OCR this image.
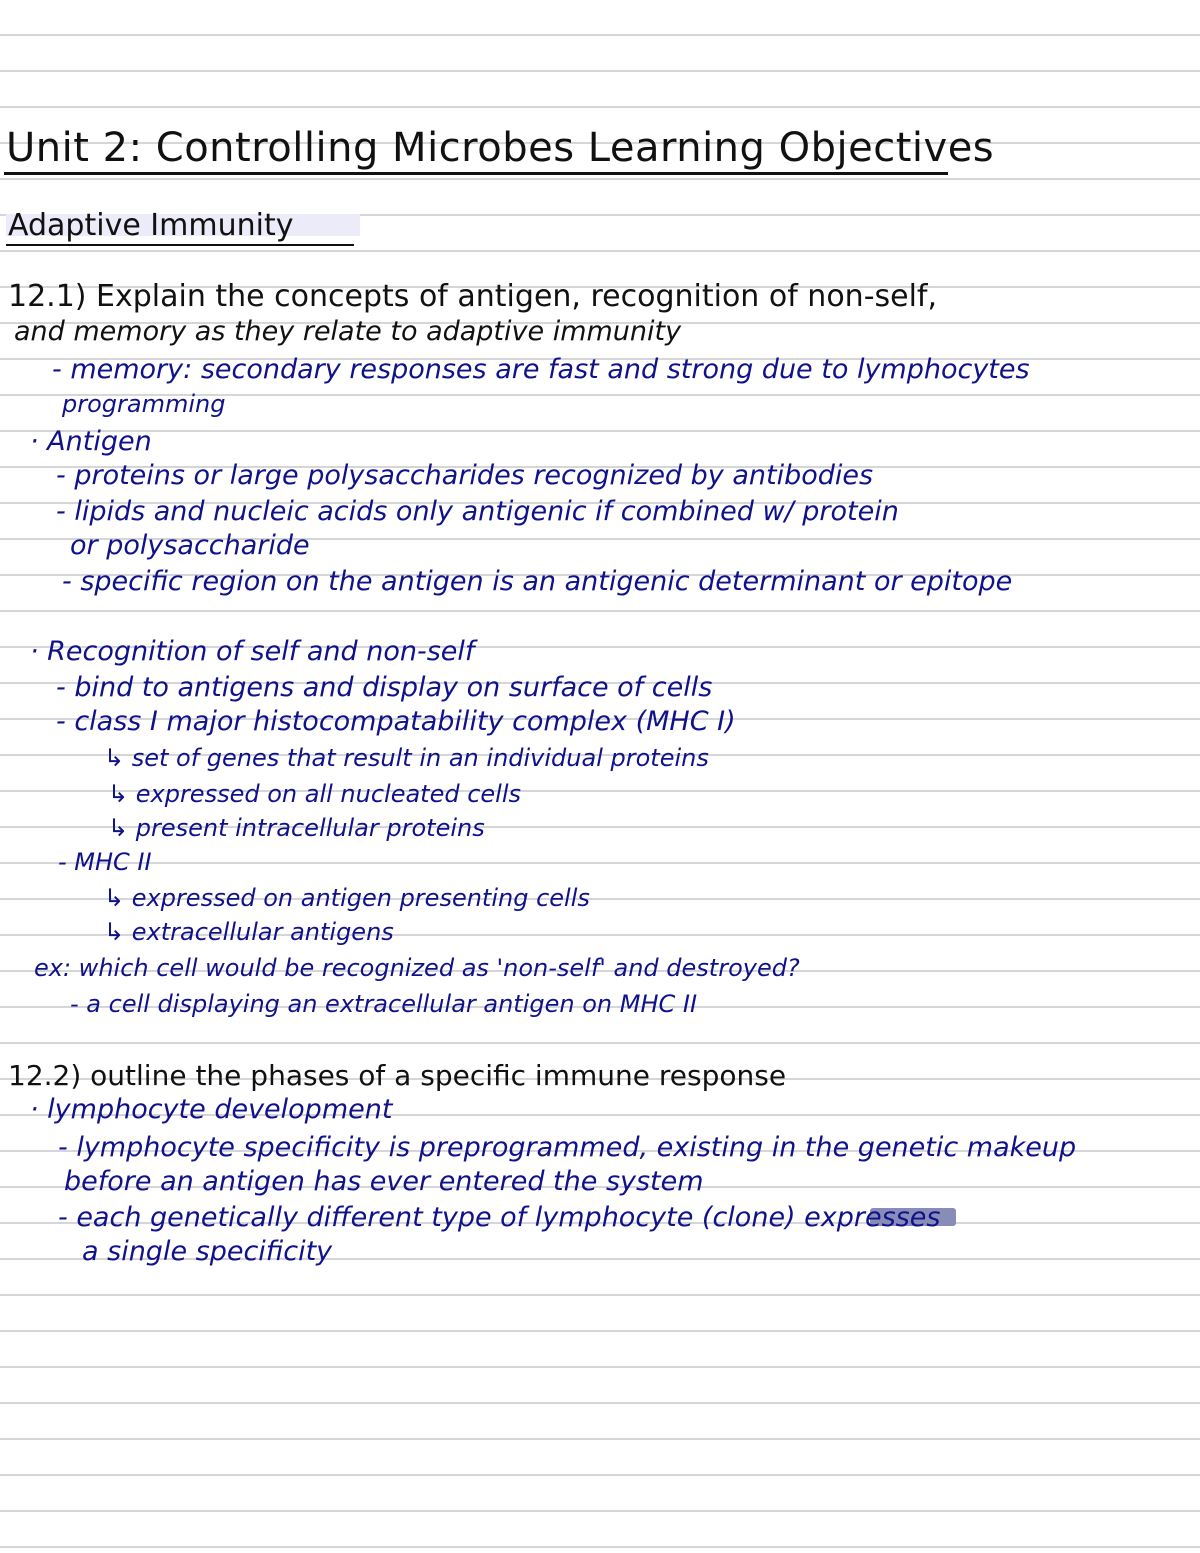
Unit 2: Controlling Microbes Learning Objectives
Adaptive Immunity
12.1) Explain the concepts of antigen, recognition of non-self,
and memory as they relate to adaptive immunity
- memory: secondary responses are fast and strong due to lymphocytes
programming
· Antigen
- proteins or large polysaccharides recognized by antibodies
- lipids and nucleic acids only antigenic if combined w/ protein
or polysaccharide
- specific region on the antigen is an antigenic determinant or epitope
· Recognition of self and non-self
- bind to antigens and display on surface of cells
- class I major histocompatability complex (MHC I)
↳ set of genes that result in an individual proteins
↳ expressed on all nucleated cells
↳ present intracellular proteins
- MHC II
↳ expressed on antigen presenting cells
↳ extracellular antigens
ex: which cell would be recognized as 'non-self' and destroyed?
- a cell displaying an extracellular antigen on MHC II
12.2) outline the phases of a specific immune response
· lymphocyte development
- lymphocyte specificity is preprogrammed, existing in the genetic makeup
before an antigen has ever entered the system
- each genetically different type of lymphocyte (clone) expresses
a single specificity
